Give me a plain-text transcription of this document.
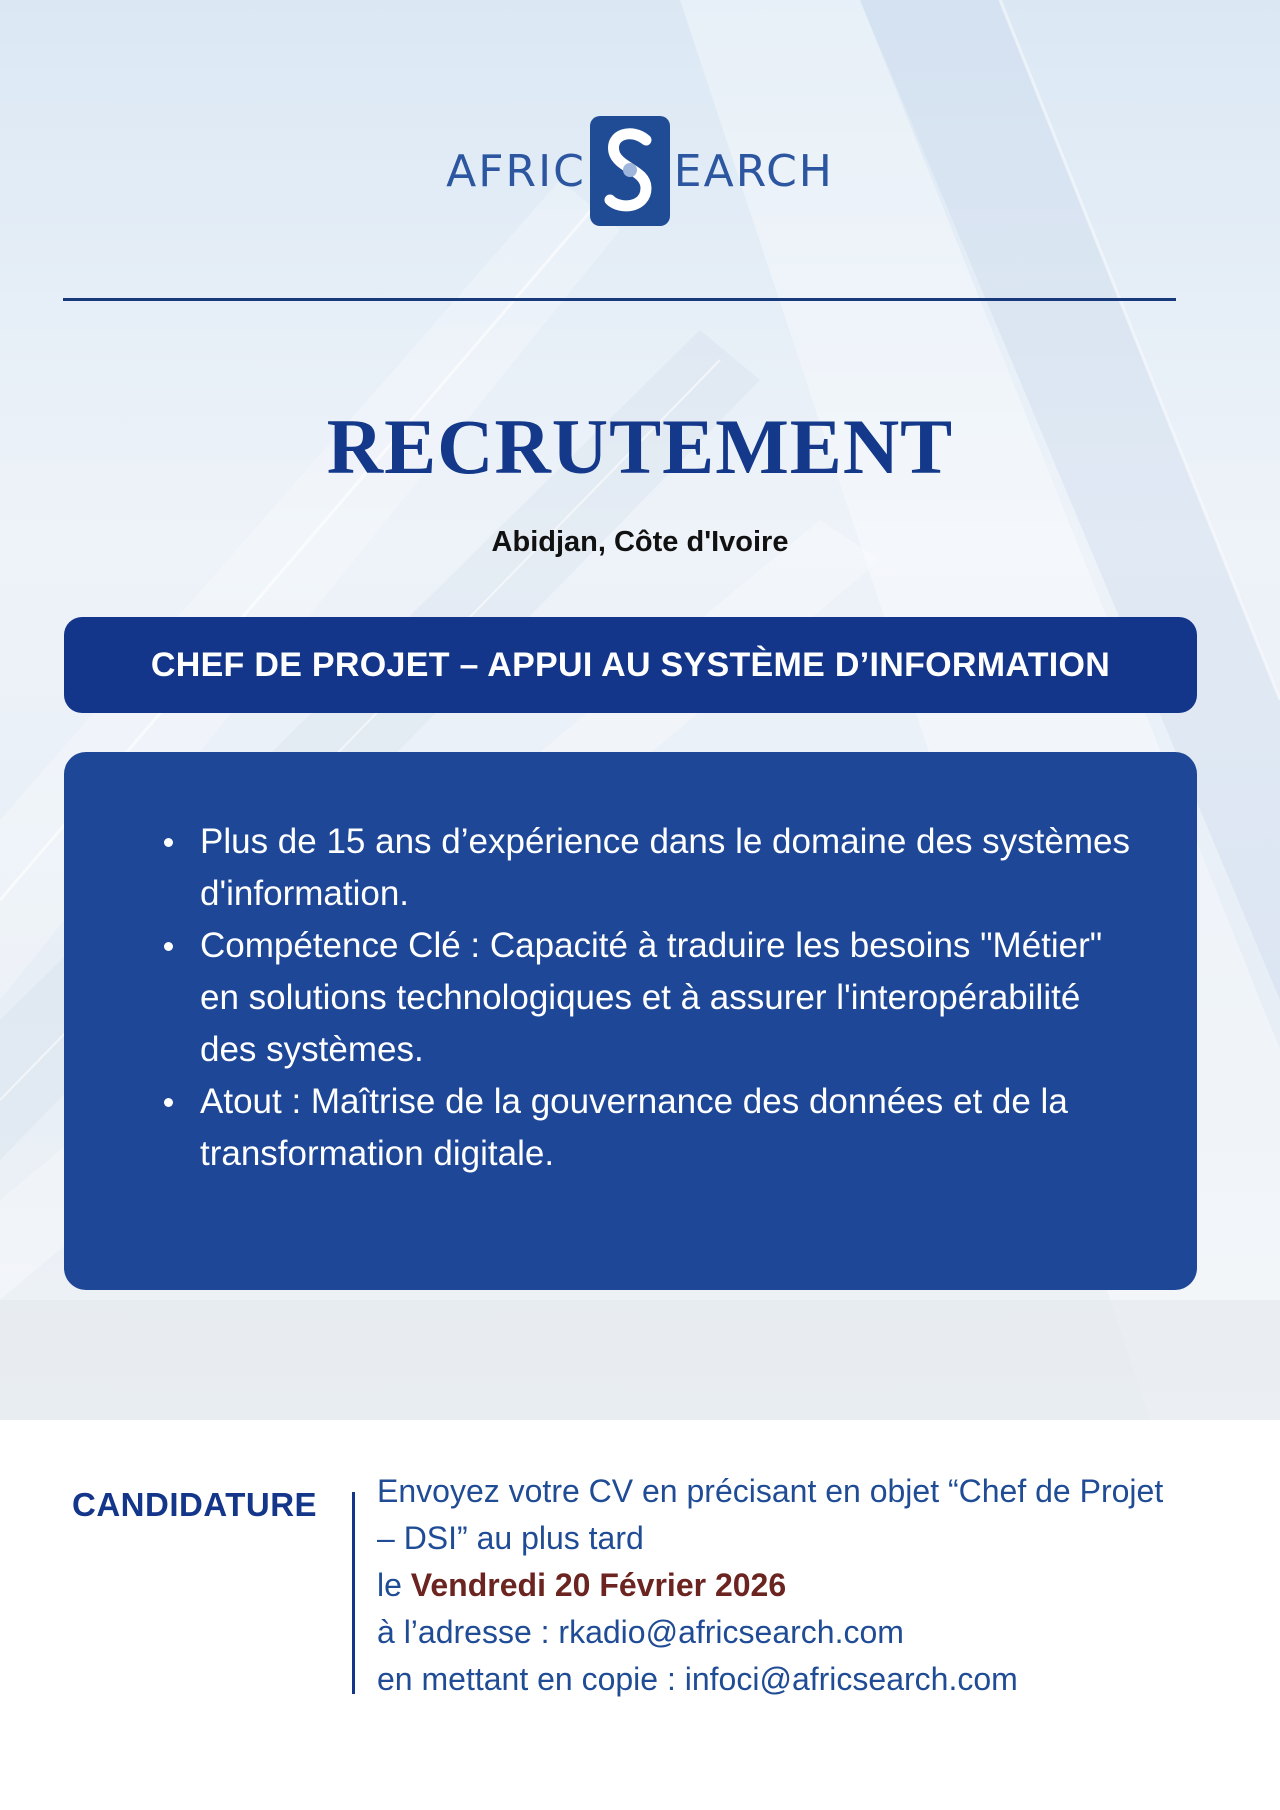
AFRIC EARCH
RECRUTEMENT
Abidjan, Côte d'Ivoire
CHEF DE PROJET – APPUI AU SYSTÈME D’INFORMATION
Plus de 15 ans d’expérience dans le domaine des systèmes d'information.
Compétence Clé : Capacité à traduire les besoins "Métier" en solutions technologiques et à assurer l'interopérabilité des systèmes.
Atout : Maîtrise de la gouvernance des données et de la transformation digitale.
CANDIDATURE Envoyez votre CV en précisant en objet “Chef de Projet – DSI” au plus tard
le Vendredi 20 Février 2026
à l’adresse : rkadio@africsearch.com
en mettant en copie : infoci@africsearch.com
